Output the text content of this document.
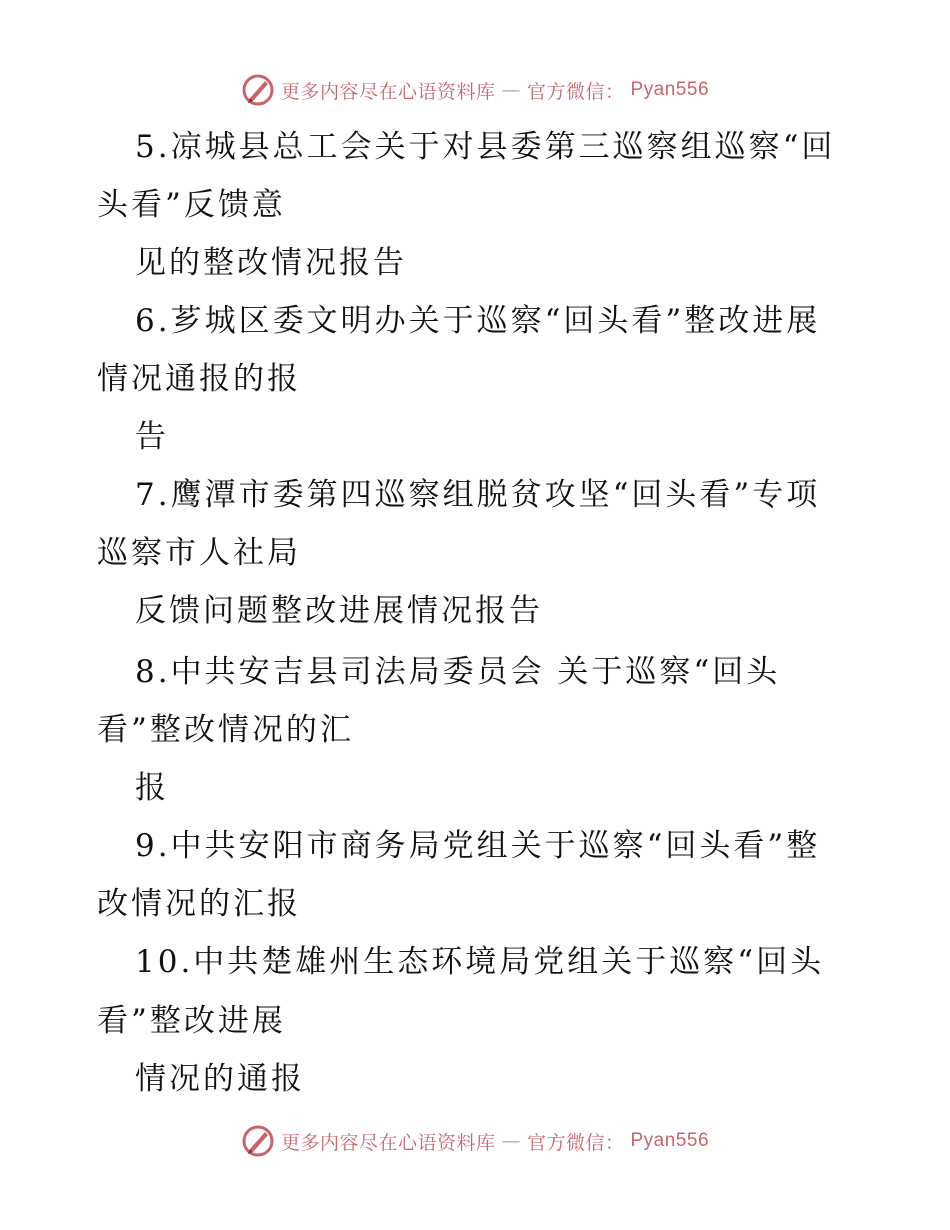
更多内容尽在心语资料库 — 官方微信： Pyan556
5.凉城县总工会关于对县委第三巡察组巡察“回
头看”反馈意
见的整改情况报告
6.芗城区委文明办关于巡察“回头看”整改进展
情况通报的报
告
7.鹰潭市委第四巡察组脱贫攻坚“回头看”专项
巡察市人社局
反馈问题整改进展情况报告
8.中共安吉县司法局委员会 关于巡察“回头
看”整改情况的汇
报
9.中共安阳市商务局党组关于巡察“回头看”整
改情况的汇报
10.中共楚雄州生态环境局党组关于巡察“回头
看”整改进展
情况的通报
更多内容尽在心语资料库 — 官方微信： Pyan556
